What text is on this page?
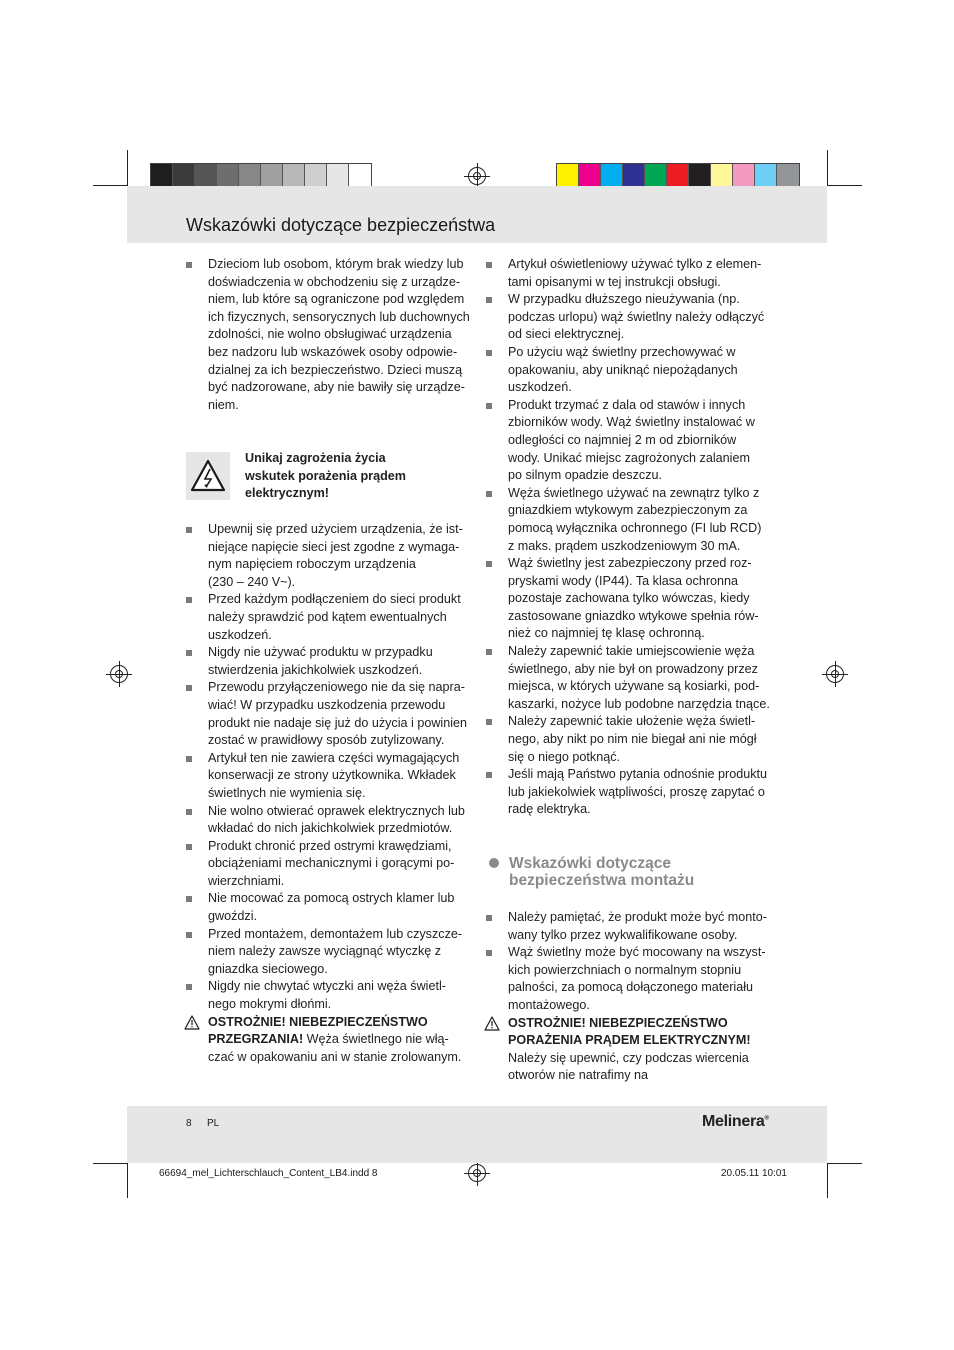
Wskazówki dotyczące bezpieczeństwa
Dzieciom lub osobom, którym brak wiedzy lub
doświadczenia w obchodzeniu się z urządze-
niem, lub które są ograniczone pod względem
ich fizycznych, sensorycznych lub duchownych
zdolności, nie wolno obsługiwać urządzenia
bez nadzoru lub wskazówek osoby odpowie-
dzialnej za ich bezpieczeństwo. Dzieci muszą
być nadzorowane, aby nie bawiły się urządze-
niem.
Unikaj zagrożenia życia
wskutek porażenia prądem
elektrycznym!
Upewnij się przed użyciem urządzenia, że ist-
niejące napięcie sieci jest zgodne z wymaga-
nym napięciem roboczym urządzenia
(230 – 240 V~).
Przed każdym podłączeniem do sieci produkt
należy sprawdzić pod kątem ewentualnych
uszkodzeń.
Nigdy nie używać produktu w przypadku
stwierdzenia jakichkolwiek uszkodzeń.
Przewodu przyłączeniowego nie da się napra-
wiać! W przypadku uszkodzenia przewodu
produkt nie nadaje się już do użycia i powinien
zostać w prawidłowy sposób zutylizowany.
Artykuł ten nie zawiera części wymagających
konserwacji ze strony użytkownika. Wkładek
świetlnych nie wymienia się.
Nie wolno otwierać oprawek elektrycznych lub
wkładać do nich jakichkolwiek przedmiotów.
Produkt chronić przed ostrymi krawędziami,
obciążeniami mechanicznymi i gorącymi po-
wierzchniami.
Nie mocować za pomocą ostrych klamer lub
gwoździ.
Przed montażem, demontażem lub czyszcze-
niem należy zawsze wyciągnąć wtyczkę z
gniazdka sieciowego.
Nigdy nie chwytać wtyczki ani węża świetl-
nego mokrymi dłońmi.
OSTROŻNIE! NIEBEZPIECZEŃSTWO
PRZEGRZANIA! Węża świetlnego nie włą-
czać w opakowaniu ani w stanie zrolowanym.
Artykuł oświetleniowy używać tylko z elemen-
tami opisanymi w tej instrukcji obsługi.
W przypadku dłuższego nieużywania (np.
podczas urlopu) wąż świetlny należy odłączyć
od sieci elektrycznej.
Po użyciu wąż świetlny przechowywać w
opakowaniu, aby uniknąć niepożądanych
uszkodzeń.
Produkt trzymać z dala od stawów i innych
zbiorników wody. Wąż świetlny instalować w
odległości co najmniej 2 m od zbiorników
wody. Unikać miejsc zagrożonych zalaniem
po silnym opadzie deszczu.
Węża świetlnego używać na zewnątrz tylko z
gniazdkiem wtykowym zabezpieczonym za
pomocą wyłącznika ochronnego (FI lub RCD)
z maks. prądem uszkodzeniowym 30 mA.
Wąż świetlny jest zabezpieczony przed roz-
pryskami wody (IP44). Ta klasa ochronna
pozostaje zachowana tylko wówczas, kiedy
zastosowane gniazdko wtykowe spełnia rów-
nież co najmniej tę klasę ochronną.
Należy zapewnić takie umiejscowienie węża
świetlnego, aby nie był on prowadzony przez
miejsca, w których używane są kosiarki, pod-
kaszarki, nożyce lub podobne narzędzia tnące.
Należy zapewnić takie ułożenie węża świetl-
nego, aby nikt po nim nie biegał ani nie mógł
się o niego potknąć.
Jeśli mają Państwo pytania odnośnie produktu
lub jakiekolwiek wątpliwości, proszę zapytać o
radę elektryka.
Wskazówki dotyczące
bezpieczeństwa montażu
Należy pamiętać, że produkt może być monto-
wany tylko przez wykwalifikowane osoby.
Wąż świetlny może być mocowany na wszyst-
kich powierzchniach o normalnym stopniu
palności, za pomocą dołączonego materiału
montażowego.
OSTROŻNIE! NIEBEZPIECZEŃSTWO
PORAŻENIA PRĄDEM ELEKTRYCZNYM!
Należy się upewnić, czy podczas wiercenia
otworów nie natrafimy na
8 PL	Melinera®
66694_mel_Lichterschlauch_Content_LB4.indd 8	20.05.11 10:01
